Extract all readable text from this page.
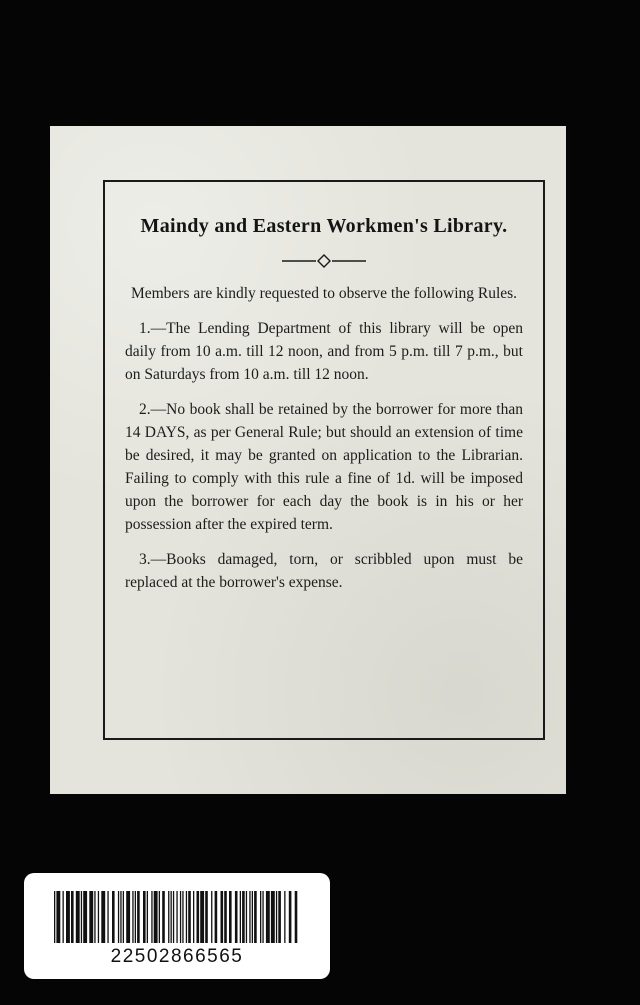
Maindy and Eastern Workmen's Library.

Members are kindly requested to observe the following Rules.

1.—The Lending Department of this library will be open daily from 10 a.m. till 12 noon, and from 5 p.m. till 7 p.m., but on Saturdays from 10 a.m. till 12 noon.

2.—No book shall be retained by the borrower for more than 14 DAYS, as per General Rule; but should an extension of time be desired, it may be granted on application to the Librarian. Failing to comply with this rule a fine of 1d. will be imposed upon the borrower for each day the book is in his or her possession after the expired term.

3.—Books damaged, torn, or scribbled upon must be replaced at the borrower's expense.

22502866565
